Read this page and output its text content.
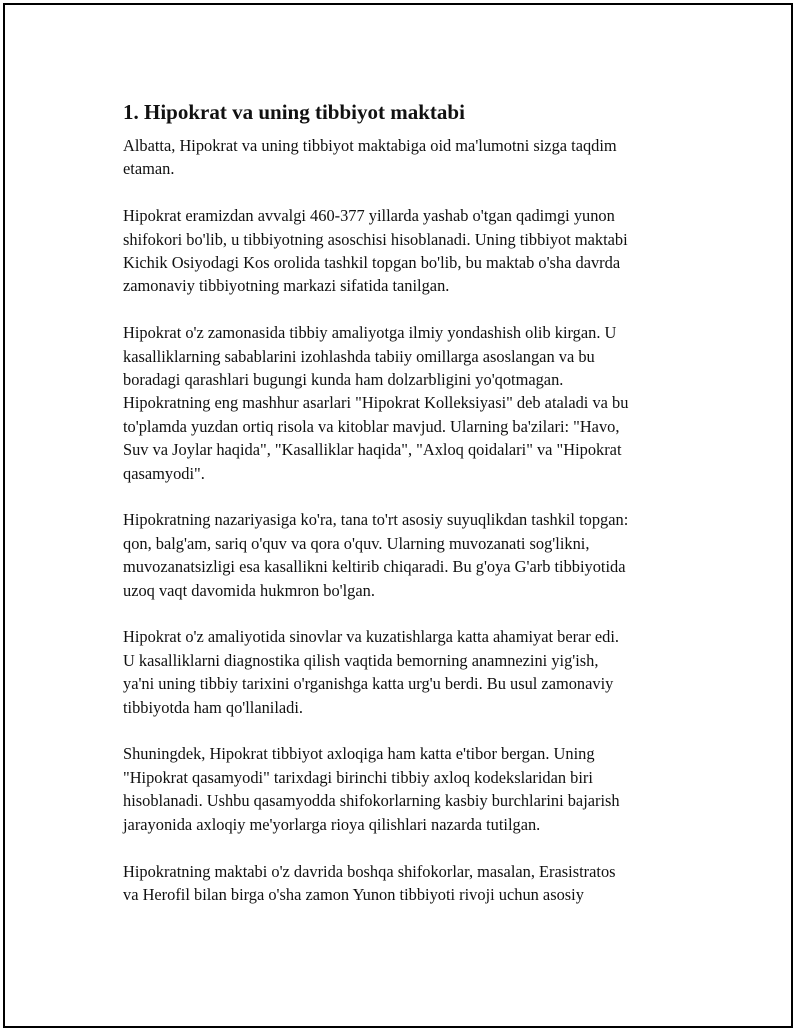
1. Hipokrat va uning tibbiyot maktabi
Albatta, Hipokrat va uning tibbiyot maktabiga oid ma'lumotni sizga taqdim
etaman.
Hipokrat eramizdan avvalgi 460-377 yillarda yashab o'tgan qadimgi yunon
shifokori bo'lib, u tibbiyotning asoschisi hisoblanadi. Uning tibbiyot maktabi
Kichik Osiyodagi Kos orolida tashkil topgan bo'lib, bu maktab o'sha davrda
zamonaviy tibbiyotning markazi sifatida tanilgan.
Hipokrat o'z zamonasida tibbiy amaliyotga ilmiy yondashish olib kirgan. U
kasalliklarning sabablarini izohlashda tabiiy omillarga asoslangan va bu
boradagi qarashlari bugungi kunda ham dolzarbligini yo'qotmagan.
Hipokratning eng mashhur asarlari "Hipokrat Kolleksiyasi" deb ataladi va bu
to'plamda yuzdan ortiq risola va kitoblar mavjud. Ularning ba'zilari: "Havo,
Suv va Joylar haqida", "Kasalliklar haqida", "Axloq qoidalari" va "Hipokrat
qasamyodi".
Hipokratning nazariyasiga ko'ra, tana to'rt asosiy suyuqlikdan tashkil topgan:
qon, balg'am, sariq o'quv va qora o'quv. Ularning muvozanati sog'likni,
muvozanatsizligi esa kasallikni keltirib chiqaradi. Bu g'oya G'arb tibbiyotida
uzoq vaqt davomida hukmron bo'lgan.
Hipokrat o'z amaliyotida sinovlar va kuzatishlarga katta ahamiyat berar edi.
U kasalliklarni diagnostika qilish vaqtida bemorning anamnezini yig'ish,
ya'ni uning tibbiy tarixini o'rganishga katta urg'u berdi. Bu usul zamonaviy
tibbiyotda ham qo'llaniladi.
Shuningdek, Hipokrat tibbiyot axloqiga ham katta e'tibor bergan. Uning
"Hipokrat qasamyodi" tarixdagi birinchi tibbiy axloq kodekslaridan biri
hisoblanadi. Ushbu qasamyodda shifokorlarning kasbiy burchlarini bajarish
jarayonida axloqiy me'yorlarga rioya qilishlari nazarda tutilgan.
Hipokratning maktabi o'z davrida boshqa shifokorlar, masalan, Erasistratos
va Herofil bilan birga o'sha zamon Yunon tibbiyoti rivoji uchun asosiy
